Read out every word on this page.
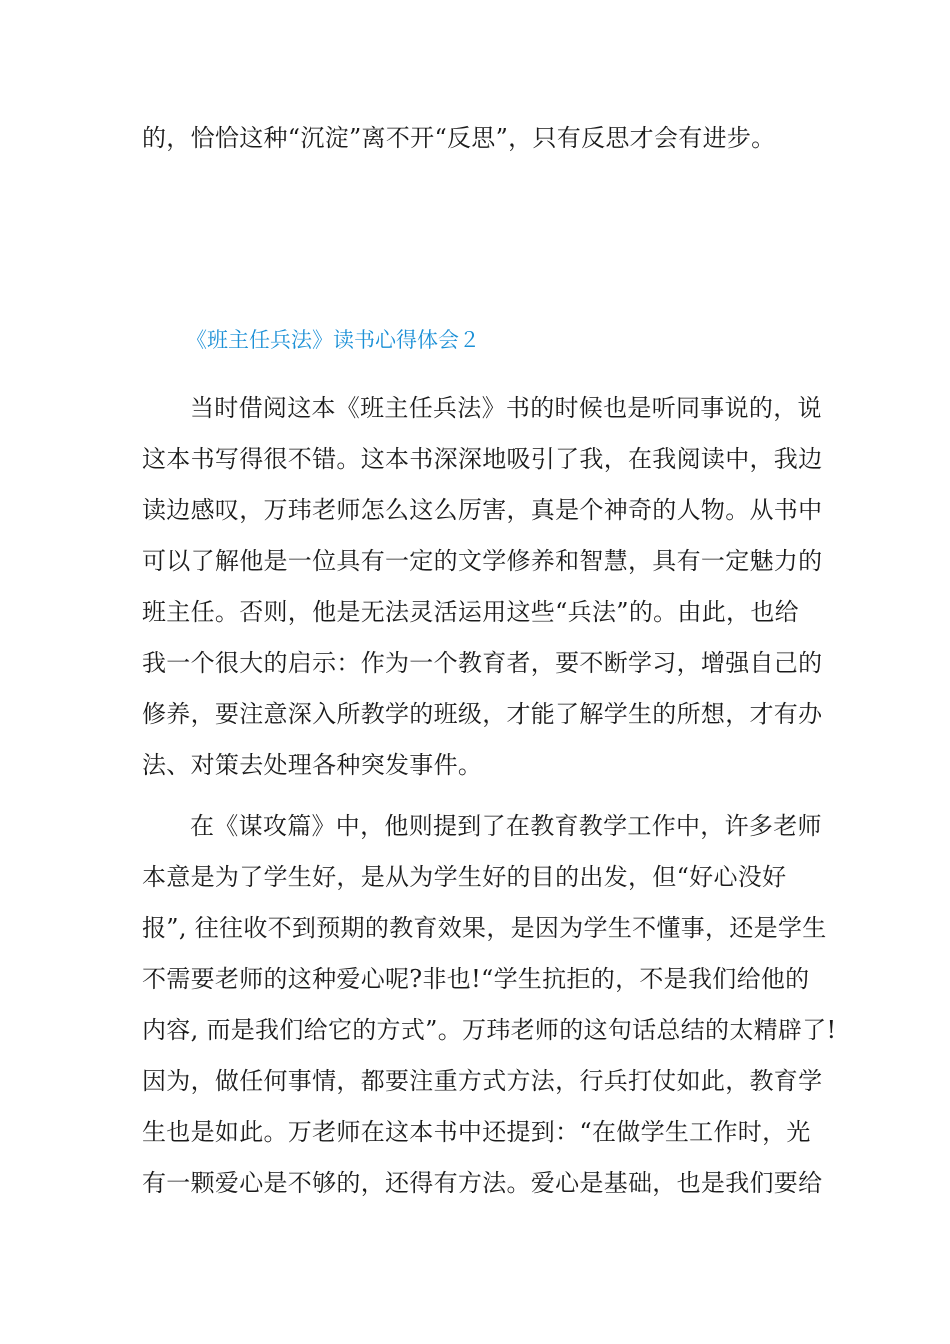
的，恰恰这种“沉淀”离不开“反思”，只有反思才会有进步。
《班主任兵法》读书心得体会２
当时借阅这本《班主任兵法》书的时候也是听同事说的，说
这本书写得很不错。这本书深深地吸引了我，在我阅读中，我边
读边感叹，万玮老师怎么这么厉害，真是个神奇的人物。从书中
可以了解他是一位具有一定的文学修养和智慧，具有一定魅力的
班主任。否则，他是无法灵活运用这些“兵法”的。由此，也给
我一个很大的启示：作为一个教育者，要不断学习，增强自己的
修养，要注意深入所教学的班级，才能了解学生的所想，才有办
法、对策去处理各种突发事件。
在《谋攻篇》中，他则提到了在教育教学工作中，许多老师
本意是为了学生好，是从为学生好的目的出发，但“好心没好
报”, 往往收不到预期的教育效果，是因为学生不懂事，还是学生
不需要老师的这种爱心呢?非也!“学生抗拒的，不是我们给他的
内容, 而是我们给它的方式”。万玮老师的这句话总结的太精辟了!
因为，做任何事情，都要注重方式方法，行兵打仗如此，教育学
生也是如此。万老师在这本书中还提到：“在做学生工作时，光
有一颗爱心是不够的，还得有方法。爱心是基础，也是我们要给
